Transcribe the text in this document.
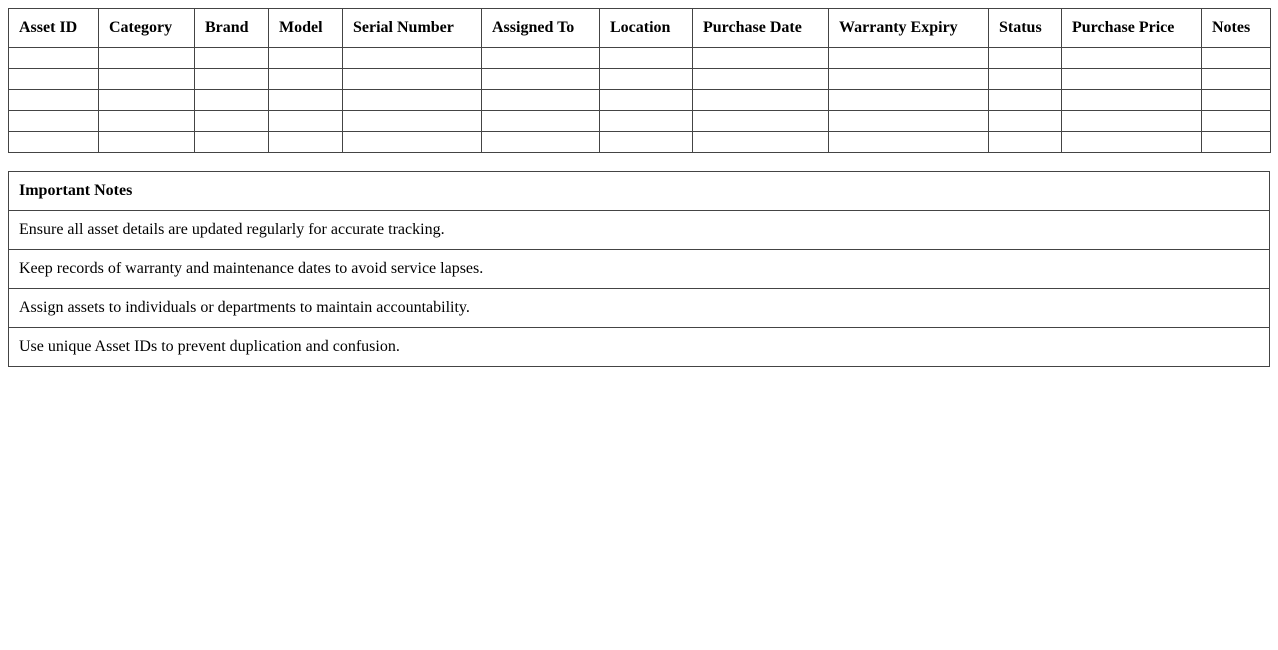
Asset ID	Category	Brand	Model	Serial Number	Assigned To	Location	Purchase Date	Warranty Expiry	Status	Purchase Price	Notes

Important Notes
Ensure all asset details are updated regularly for accurate tracking.
Keep records of warranty and maintenance dates to avoid service lapses.
Assign assets to individuals or departments to maintain accountability.
Use unique Asset IDs to prevent duplication and confusion.
